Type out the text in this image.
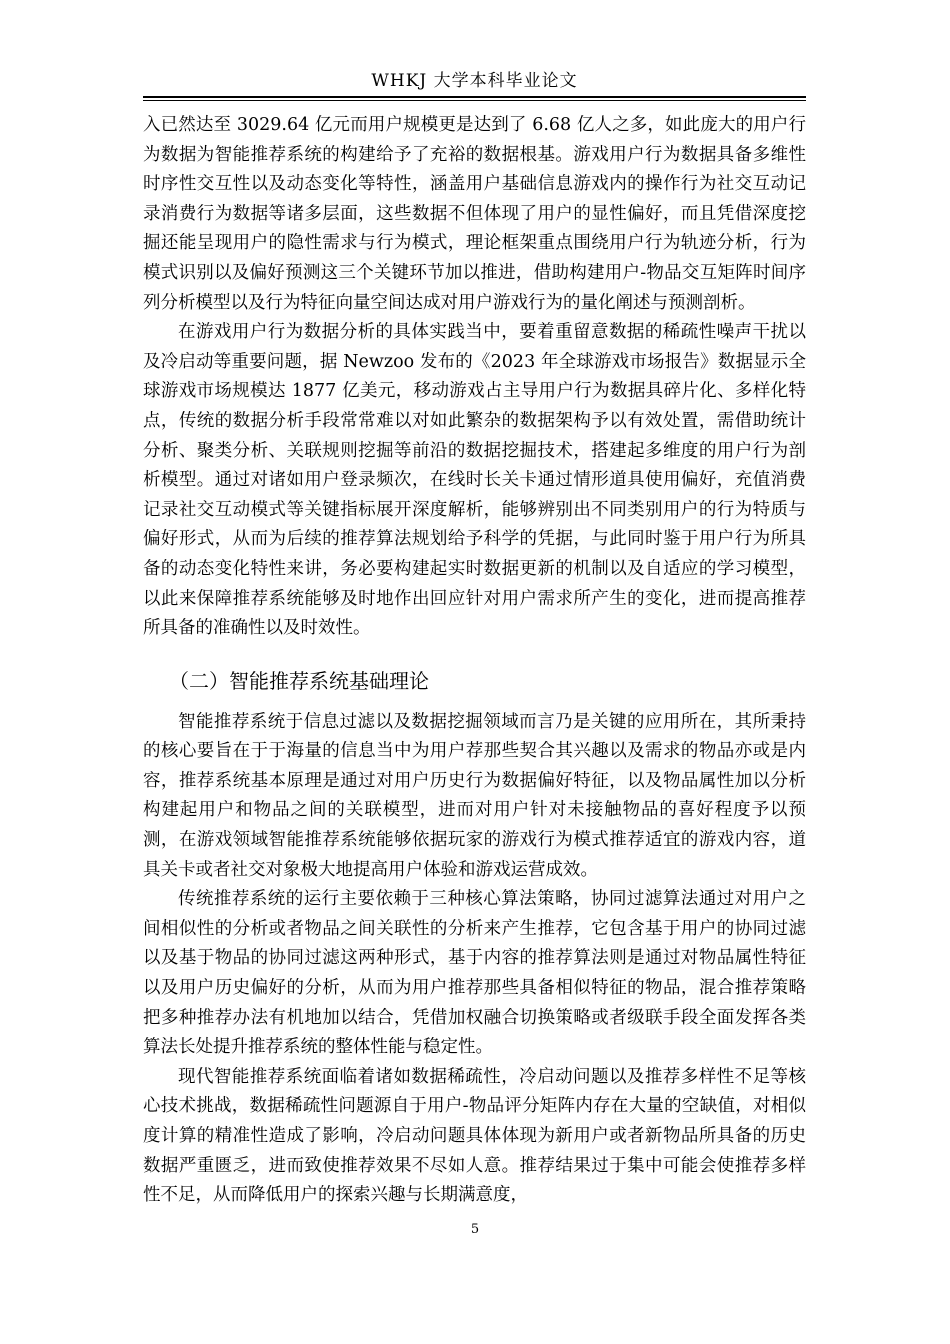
WHKJ 大学本科毕业论文

入已然达至 3029.64 亿元而用户规模更是达到了 6.68 亿人之多，如此庞大的用户行为数据为智能推荐系统的构建给予了充裕的数据根基。游戏用户行为数据具备多维性时序性交互性以及动态变化等特性，涵盖用户基础信息游戏内的操作行为社交互动记录消费行为数据等诸多层面，这些数据不但体现了用户的显性偏好，而且凭借深度挖掘还能呈现用户的隐性需求与行为模式，理论框架重点围绕用户行为轨迹分析，行为模式识别以及偏好预测这三个关键环节加以推进，借助构建用户-物品交互矩阵时间序列分析模型以及行为特征向量空间达成对用户游戏行为的量化阐述与预测剖析。

在游戏用户行为数据分析的具体实践当中，要着重留意数据的稀疏性噪声干扰以及冷启动等重要问题，据 Newzoo 发布的《2023 年全球游戏市场报告》数据显示全球游戏市场规模达 1877 亿美元，移动游戏占主导用户行为数据具碎片化、多样化特点，传统的数据分析手段常常难以对如此繁杂的数据架构予以有效处置，需借助统计分析、聚类分析、关联规则挖掘等前沿的数据挖掘技术，搭建起多维度的用户行为剖析模型。通过对诸如用户登录频次，在线时长关卡通过情形道具使用偏好，充值消费记录社交互动模式等关键指标展开深度解析，能够辨别出不同类别用户的行为特质与偏好形式，从而为后续的推荐算法规划给予科学的凭据，与此同时鉴于用户行为所具备的动态变化特性来讲，务必要构建起实时数据更新的机制以及自适应的学习模型，以此来保障推荐系统能够及时地作出回应针对用户需求所产生的变化，进而提高推荐所具备的准确性以及时效性。

（二）智能推荐系统基础理论

智能推荐系统于信息过滤以及数据挖掘领域而言乃是关键的应用所在，其所秉持的核心要旨在于于海量的信息当中为用户荐那些契合其兴趣以及需求的物品亦或是内容，推荐系统基本原理是通过对用户历史行为数据偏好特征，以及物品属性加以分析构建起用户和物品之间的关联模型，进而对用户针对未接触物品的喜好程度予以预测，在游戏领域智能推荐系统能够依据玩家的游戏行为模式推荐适宜的游戏内容，道具关卡或者社交对象极大地提高用户体验和游戏运营成效。

传统推荐系统的运行主要依赖于三种核心算法策略，协同过滤算法通过对用户之间相似性的分析或者物品之间关联性的分析来产生推荐，它包含基于用户的协同过滤以及基于物品的协同过滤这两种形式，基于内容的推荐算法则是通过对物品属性特征以及用户历史偏好的分析，从而为用户推荐那些具备相似特征的物品，混合推荐策略把多种推荐办法有机地加以结合，凭借加权融合切换策略或者级联手段全面发挥各类算法长处提升推荐系统的整体性能与稳定性。

现代智能推荐系统面临着诸如数据稀疏性，冷启动问题以及推荐多样性不足等核心技术挑战，数据稀疏性问题源自于用户-物品评分矩阵内存在大量的空缺值，对相似度计算的精准性造成了影响，冷启动问题具体体现为新用户或者新物品所具备的历史数据严重匮乏，进而致使推荐效果不尽如人意。推荐结果过于集中可能会使推荐多样性不足，从而降低用户的探索兴趣与长期满意度，

5
